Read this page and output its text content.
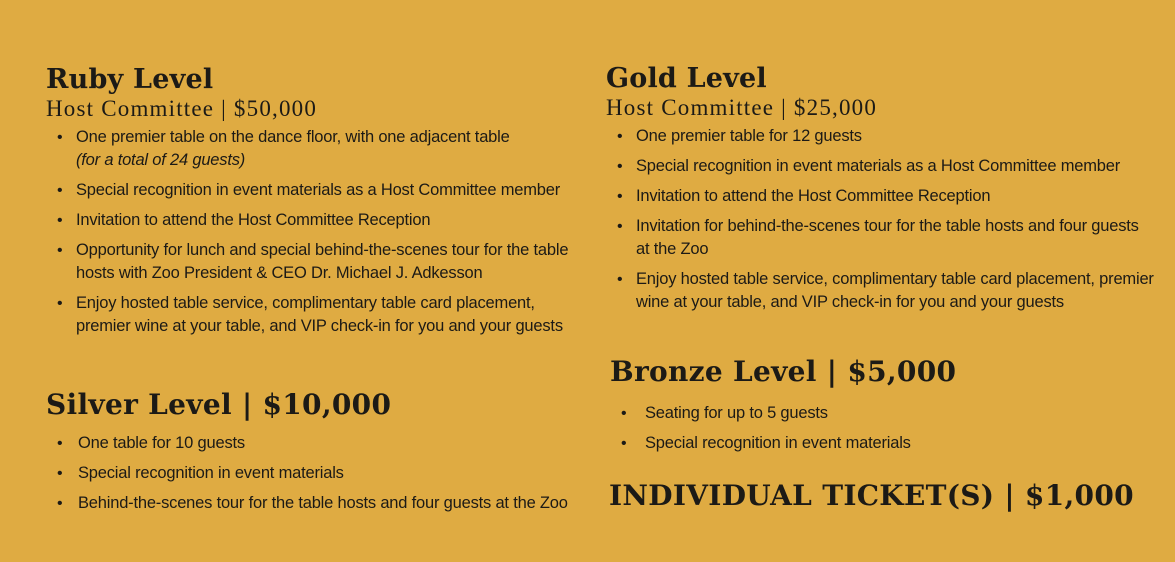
Ruby Level
Host Committee | $50,000
• One premier table on the dance floor, with one adjacent table
(for a total of 24 guests)
• Special recognition in event materials as a Host Committee member
• Invitation to attend the Host Committee Reception
• Opportunity for lunch and special behind-the-scenes tour for the table hosts with Zoo President & CEO Dr. Michael J. Adkesson
• Enjoy hosted table service, complimentary table card placement, premier wine at your table, and VIP check-in for you and your guests
Gold Level
Host Committee | $25,000
• One premier table for 12 guests
• Special recognition in event materials as a Host Committee member
• Invitation to attend the Host Committee Reception
• Invitation for behind-the-scenes tour for the table hosts and four guests at the Zoo
• Enjoy hosted table service, complimentary table card placement, premier wine at your table, and VIP check-in for you and your guests
Silver Level | $10,000
• One table for 10 guests
• Special recognition in event materials
• Behind-the-scenes tour for the table hosts and four guests at the Zoo
Bronze Level | $5,000
• Seating for up to 5 guests
• Special recognition in event materials
INDIVIDUAL TICKET(S) | $1,000
